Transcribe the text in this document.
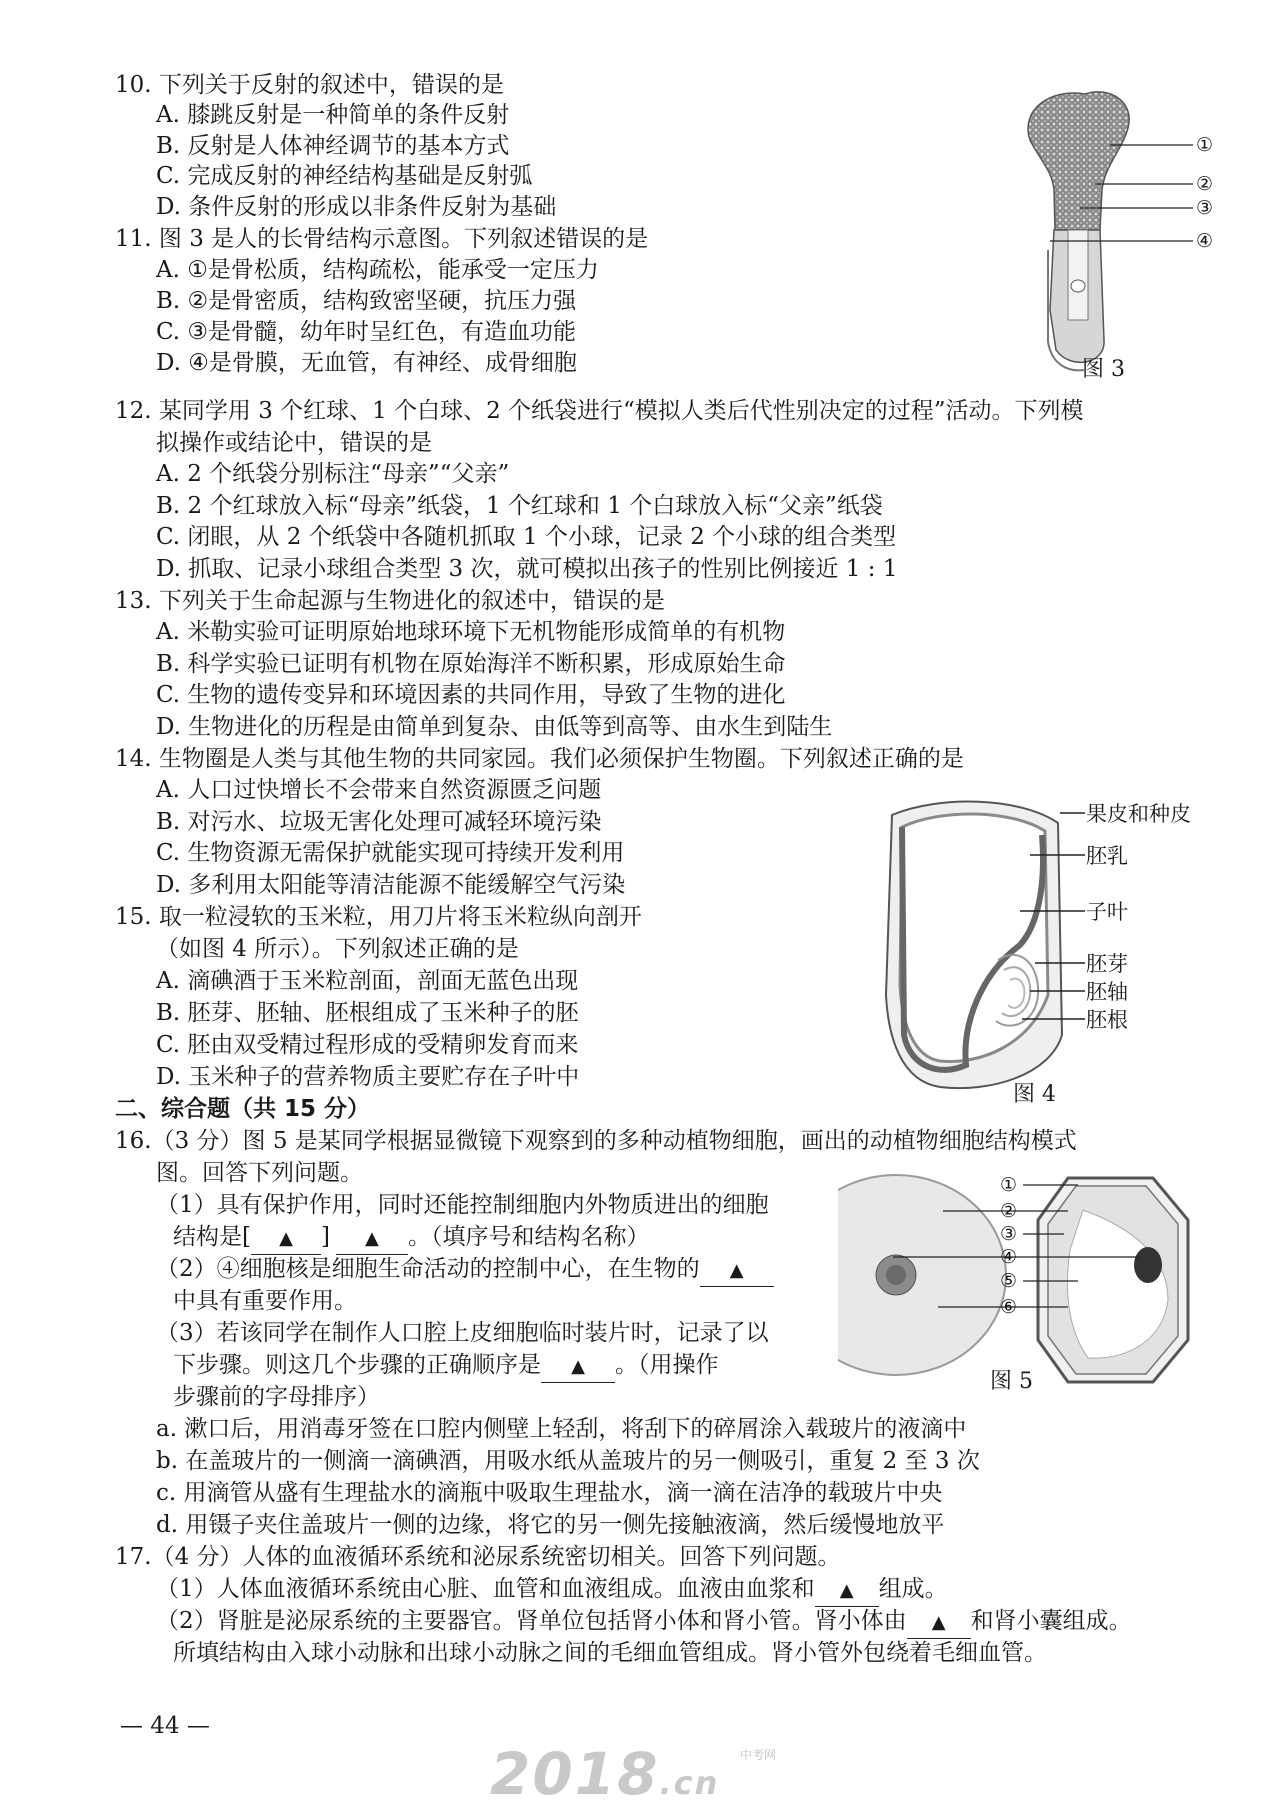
10. 下列关于反射的叙述中，错误的是
A. 膝跳反射是一种简单的条件反射
B. 反射是人体神经调节的基本方式
C. 完成反射的神经结构基础是反射弧
D. 条件反射的形成以非条件反射为基础
11. 图 3 是人的长骨结构示意图。下列叙述错误的是
A. ①是骨松质，结构疏松，能承受一定压力
B. ②是骨密质，结构致密坚硬，抗压力强
C. ③是骨髓，幼年时呈红色，有造血功能
D. ④是骨膜，无血管，有神经、成骨细胞
①
②
③
④
图 3
12. 某同学用 3 个红球、1 个白球、2 个纸袋进行“模拟人类后代性别决定的过程”活动。下列模
拟操作或结论中，错误的是
A. 2 个纸袋分别标注“母亲”“父亲”
B. 2 个红球放入标“母亲”纸袋，1 个红球和 1 个白球放入标“父亲”纸袋
C. 闭眼，从 2 个纸袋中各随机抓取 1 个小球，记录 2 个小球的组合类型
D. 抓取、记录小球组合类型 3 次，就可模拟出孩子的性别比例接近 1 : 1
13. 下列关于生命起源与生物进化的叙述中，错误的是
A. 米勒实验可证明原始地球环境下无机物能形成简单的有机物
B. 科学实验已证明有机物在原始海洋不断积累，形成原始生命
C. 生物的遗传变异和环境因素的共同作用，导致了生物的进化
D. 生物进化的历程是由简单到复杂、由低等到高等、由水生到陆生
14. 生物圈是人类与其他生物的共同家园。我们必须保护生物圈。下列叙述正确的是
A. 人口过快增长不会带来自然资源匮乏问题
B. 对污水、垃圾无害化处理可减轻环境污染
C. 生物资源无需保护就能实现可持续开发利用
D. 多利用太阳能等清洁能源不能缓解空气污染
15. 取一粒浸软的玉米粒，用刀片将玉米粒纵向剖开
（如图 4 所示）。下列叙述正确的是
A. 滴碘酒于玉米粒剖面，剖面无蓝色出现
B. 胚芽、胚轴、胚根组成了玉米种子的胚
C. 胚由双受精过程形成的受精卵发育而来
D. 玉米种子的营养物质主要贮存在子叶中
果皮和种皮
胚乳
子叶
胚芽
胚轴
胚根
图 4
二、综合题（共 15 分）
16.（3 分）图 5 是某同学根据显微镜下观察到的多种动植物细胞，画出的动植物细胞结构模式
图。回答下列问题。
（1）具有保护作用，同时还能控制细胞内外物质进出的细胞
结构是[ ▲ ] ▲ 。（填序号和结构名称）
（2）④细胞核是细胞生命活动的控制中心，在生物的 ▲
中具有重要作用。
（3）若该同学在制作人口腔上皮细胞临时装片时，记录了以
下步骤。则这几个步骤的正确顺序是 ▲ 。（用操作
步骤前的字母排序）
a. 漱口后，用消毒牙签在口腔内侧壁上轻刮，将刮下的碎屑涂入载玻片的液滴中
b. 在盖玻片的一侧滴一滴碘酒，用吸水纸从盖玻片的另一侧吸引，重复 2 至 3 次
c. 用滴管从盛有生理盐水的滴瓶中吸取生理盐水，滴一滴在洁净的载玻片中央
d. 用镊子夹住盖玻片一侧的边缘，将它的另一侧先接触液滴，然后缓慢地放平
①
②
③
④
⑤
⑥
图 5
17.（4 分）人体的血液循环系统和泌尿系统密切相关。回答下列问题。
（1）人体血液循环系统由心脏、血管和血液组成。血液由血浆和 ▲ 组成。
（2）肾脏是泌尿系统的主要器官。肾单位包括肾小体和肾小管。肾小体由 ▲ 和肾小囊组成。
所填结构由入球小动脉和出球小动脉之间的毛细血管组成。肾小管外包绕着毛细血管。
— 44 —
2018.cn
中考网
